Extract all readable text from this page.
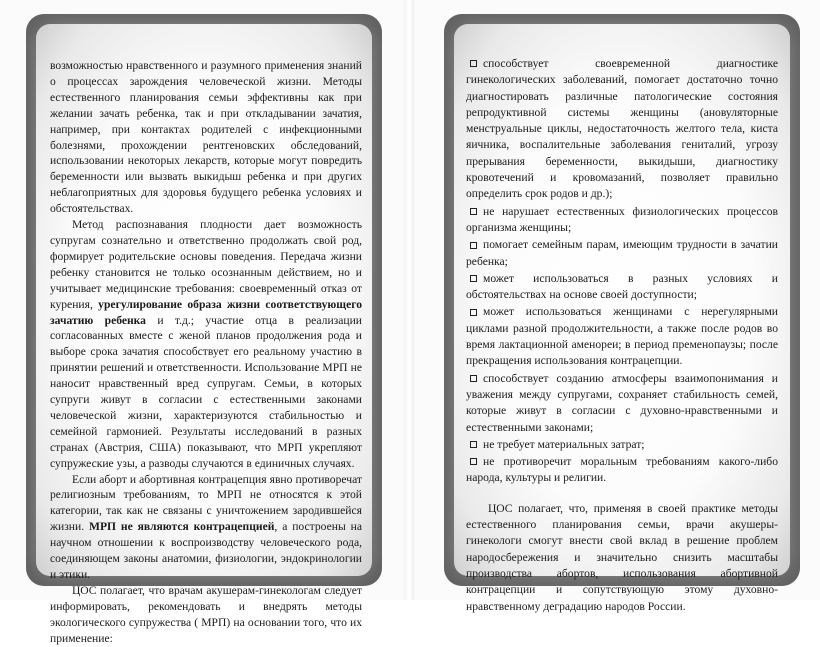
возможностью нравственного и разумного применения знаний о процессах зарождения человеческой жизни. Методы естественного планирования семьи эффективны как при желании зачать ребенка, так и при откладывании зачатия, например, при контактах родителей с инфекционными болезнями, прохождении рентгеновских обследований, использовании некоторых лекарств, которые могут повредить беременности или вызвать выкидыш ребенка и при других неблагоприятных для здоровья будущего ребенка условиях и обстоятельствах.

Метод распознавания плодности дает возможность супругам сознательно и ответственно продолжать свой род, формирует родительские основы поведения. Передача жизни ребенку становится не только осознанным действием, но и учитывает медицинские требования: своевременный отказ от курения, урегулирование образа жизни соответствующего зачатию ребенка и т.д.; участие отца в реализации согласованных вместе с женой планов продолжения рода и выборе срока зачатия способствует его реальному участию в принятии решений и ответственности. Использование МРП не наносит нравственный вред супругам. Семьи, в которых супруги живут в согласии с естественными законами человеческой жизни, характеризуются стабильностью и семейной гармонией. Результаты исследований в разных странах (Австрия, США) показывают, что МРП укрепляют супружеские узы, а разводы случаются в единичных случаях.

Если аборт и абортивная контрацепция явно противоречат религиозным требованиям, то МРП не относятся к этой категории, так как не связаны с уничтожением зародившейся жизни. МРП не являются контрацепцией, а построены на научном отношении к воспроизводству человеческого рода, соединяющем законы анатомии, физиологии, эндокринологии и этики.

ЦОС полагает, что врачам акушерам-гинекологам следует информировать, рекомендовать и внедрять методы экологического супружества ( МРП) на основании того, что их применение:

способствует своевременной диагностике гинекологических заболеваний, помогает достаточно точно диагностировать различные патологические состояния репродуктивной системы женщины (ановуляторные менструальные циклы, недостаточность желтого тела, киста яичника, воспалительные заболевания гениталий, угрозу прерывания беременности, выкидыши, диагностику кровотечений и кровомазаний, позволяет правильно определить срок родов и др.);

не нарушает естественных физиологических процессов организма женщины;

помогает семейным парам, имеющим трудности в зачатии ребенка;

может использоваться в разных условиях и обстоятельствах на основе своей доступности;

может использоваться женщинами с нерегулярными циклами разной продолжительности, а также после родов во время лактационной аменореи; в период пременопаузы; после прекращения использования контрацепции.

способствует созданию атмосферы взаимопонимания и уважения между супругами, сохраняет стабильность семей, которые живут в согласии с духовно-нравственными и естественными законами;

не требует материальных затрат;

не противоречит моральным требованиям какого-либо народа, культуры и религии.

ЦОС полагает, что, применяя в своей практике методы естественного планирования семьи, врачи акушеры-гинекологи смогут внести свой вклад в решение проблем народосбережения и значительно снизить масштабы производства абортов, использования абортивной контрацепции и сопутствующую этому духовно-нравственному деградацию народов России.
